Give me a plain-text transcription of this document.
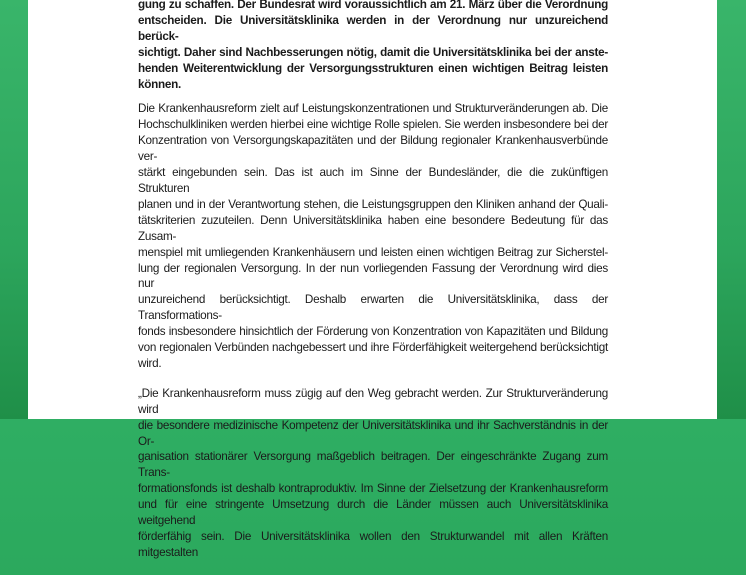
gung zu schaffen. Der Bundesrat wird voraussichtlich am 21. März über die Verordnung
entscheiden. Die Universitätsklinika werden in der Verordnung nur unzureichend berück-
sichtigt. Daher sind Nachbesserungen nötig, damit die Universitätsklinika bei der anste-
henden Weiterentwicklung der Versorgungsstrukturen einen wichtigen Beitrag leisten
können.
Die Krankenhausreform zielt auf Leistungskonzentrationen und Strukturveränderungen ab. Die
Hochschulkliniken werden hierbei eine wichtige Rolle spielen. Sie werden insbesondere bei der
Konzentration von Versorgungskapazitäten und der Bildung regionaler Krankenhausverbünde ver-
stärkt eingebunden sein. Das ist auch im Sinne der Bundesländer, die die zukünftigen Strukturen
planen und in der Verantwortung stehen, die Leistungsgruppen den Kliniken anhand der Quali-
tätskriterien zuzuteilen. Denn Universitätsklinika haben eine besondere Bedeutung für das Zusam-
menspiel mit umliegenden Krankenhäusern und leisten einen wichtigen Beitrag zur Sicherstel-
lung der regionalen Versorgung. In der nun vorliegenden Fassung der Verordnung wird dies nur
unzureichend berücksichtigt. Deshalb erwarten die Universitätsklinika, dass der Transformations-
fonds insbesondere hinsichtlich der Förderung von Konzentration von Kapazitäten und Bildung
von regionalen Verbünden nachgebessert und ihre Förderfähigkeit weitergehend berücksichtigt
wird.
„Die Krankenhausreform muss zügig auf den Weg gebracht werden. Zur Strukturveränderung wird
die besondere medizinische Kompetenz der Universitätsklinika und ihr Sachverständnis in der Or-
ganisation stationärer Versorgung maßgeblich beitragen. Der eingeschränkte Zugang zum Trans-
formationsfonds ist deshalb kontraproduktiv. Im Sinne der Zielsetzung der Krankenhausreform
und für eine stringente Umsetzung durch die Länder müssen auch Universitätsklinika weitgehend
förderfähig sein. Die Universitätsklinika wollen den Strukturwandel mit allen Kräften mitgestalten
